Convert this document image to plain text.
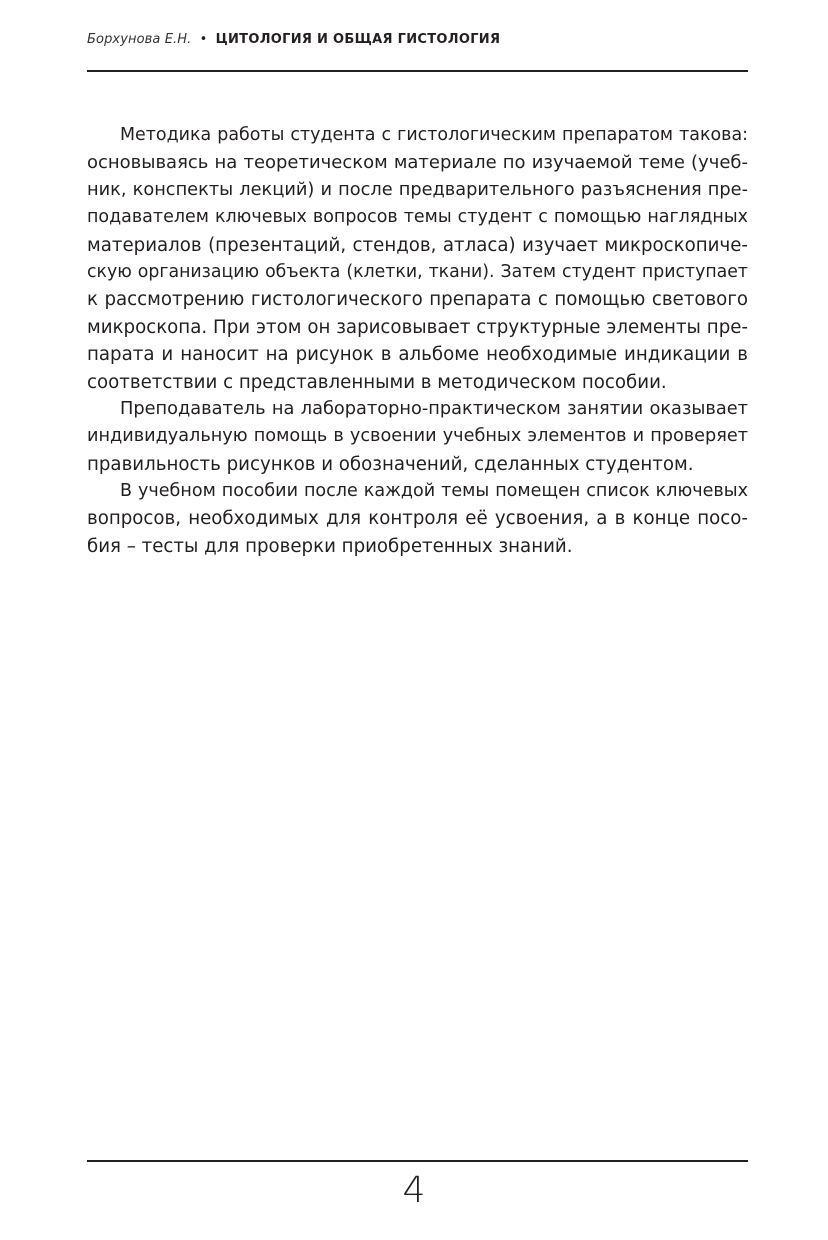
Борхунова Е.Н. • ЦИТОЛОГИЯ И ОБЩАЯ ГИСТОЛОГИЯ
Методика работы студента с гистологическим препаратом такова:
основываясь на теоретическом материале по изучаемой теме (учеб-
ник, конспекты лекций) и после предварительного разъяснения пре-
подавателем ключевых вопросов темы студент с помощью наглядных
материалов (презентаций, стендов, атласа) изучает микроскопиче-
скую организацию объекта (клетки, ткани). Затем студент приступает
к рассмотрению гистологического препарата с помощью светового
микроскопа. При этом он зарисовывает структурные элементы пре-
парата и наносит на рисунок в альбоме необходимые индикации в
соответствии с представленными в методическом пособии.
Преподаватель на лабораторно-практическом занятии оказывает
индивидуальную помощь в усвоении учебных элементов и проверяет
правильность рисунков и обозначений, сделанных студентом.
В учебном пособии после каждой темы помещен список ключевых
вопросов, необходимых для контроля её усвоения, а в конце посо-
бия – тесты для проверки приобретенных знаний.
4
